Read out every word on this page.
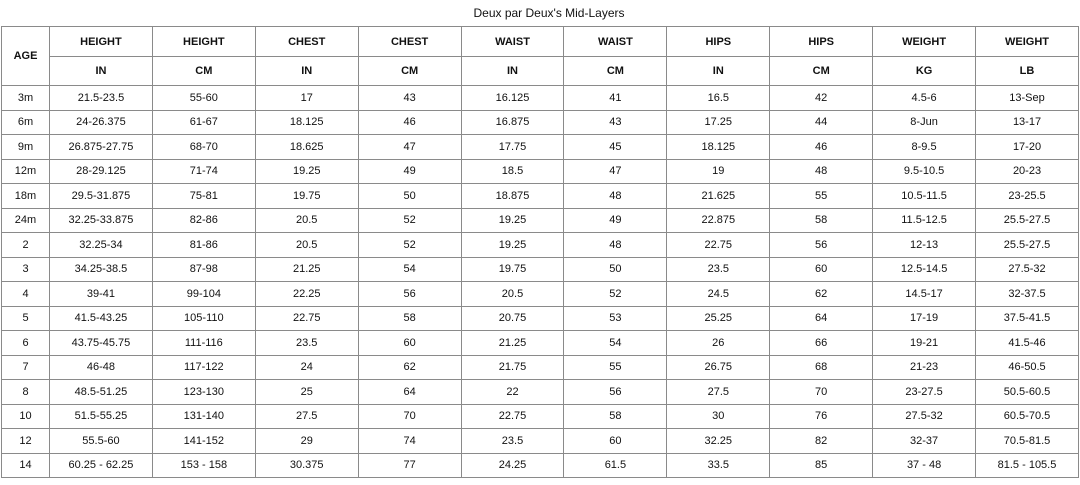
Deux par Deux's Mid-Layers
AGE	HEIGHT	HEIGHT	CHEST	CHEST	WAIST	WAIST	HIPS	HIPS	WEIGHT	WEIGHT
	IN	CM	IN	CM	IN	CM	IN	CM	KG	LB
3m	21.5-23.5	55-60	17	43	16.125	41	16.5	42	4.5-6	13-Sep
6m	24-26.375	61-67	18.125	46	16.875	43	17.25	44	8-Jun	13-17
9m	26.875-27.75	68-70	18.625	47	17.75	45	18.125	46	8-9.5	17-20
12m	28-29.125	71-74	19.25	49	18.5	47	19	48	9.5-10.5	20-23
18m	29.5-31.875	75-81	19.75	50	18.875	48	21.625	55	10.5-11.5	23-25.5
24m	32.25-33.875	82-86	20.5	52	19.25	49	22.875	58	11.5-12.5	25.5-27.5
2	32.25-34	81-86	20.5	52	19.25	48	22.75	56	12-13	25.5-27.5
3	34.25-38.5	87-98	21.25	54	19.75	50	23.5	60	12.5-14.5	27.5-32
4	39-41	99-104	22.25	56	20.5	52	24.5	62	14.5-17	32-37.5
5	41.5-43.25	105-110	22.75	58	20.75	53	25.25	64	17-19	37.5-41.5
6	43.75-45.75	111-116	23.5	60	21.25	54	26	66	19-21	41.5-46
7	46-48	117-122	24	62	21.75	55	26.75	68	21-23	46-50.5
8	48.5-51.25	123-130	25	64	22	56	27.5	70	23-27.5	50.5-60.5
10	51.5-55.25	131-140	27.5	70	22.75	58	30	76	27.5-32	60.5-70.5
12	55.5-60	141-152	29	74	23.5	60	32.25	82	32-37	70.5-81.5
14	60.25 - 62.25	153 - 158	30.375	77	24.25	61.5	33.5	85	37 - 48	81.5 - 105.5
